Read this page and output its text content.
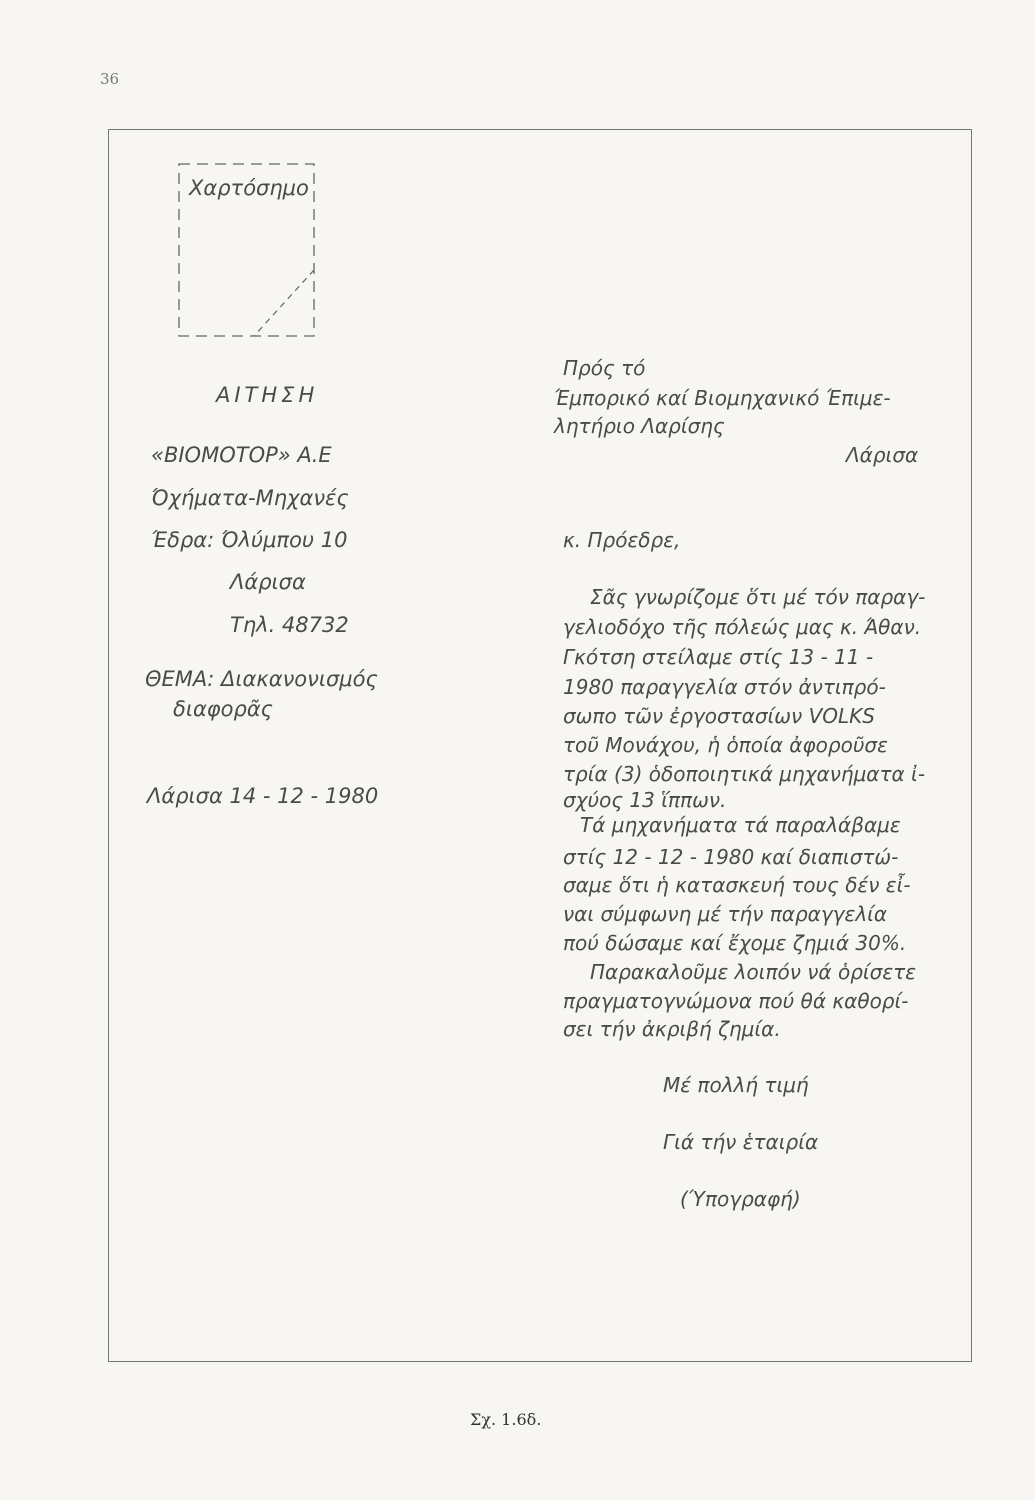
36
Χαρτόσημο
ΑΙΤΗΣΗ
«ΒΙΟΜΟΤΟΡ» Α.Ε
Όχήματα-Μηχανές
Έδρα: Όλύμπου 10
Λάρισα
Τηλ. 48732
ΘΕΜΑ: Διακανονισμός
διαφορᾶς
Λάρισα 14 - 12 - 1980
Πρός τό
Έμπορικό καί Βιομηχανικό Έπιμε-
λητήριο Λαρίσης
Λάρισα
κ. Πρόεδρε,
Σᾶς γνωρίζομε ὅτι μέ τόν παραγ-
γελιοδόχο τῆς πόλεώς μας κ. Άθαν.
Γκότση στείλαμε στίς 13 - 11 -
1980 παραγγελία στόν ἀντιπρό-
σωπο τῶν ἐργοστασίων VOLKS
τοῦ Μονάχου, ἡ ὁποία ἀφοροῦσε
τρία (3) ὁδοποιητικά μηχανήματα ἰ-
σχύος 13 ἵππων.
Τά μηχανήματα τά παραλάβαμε
στίς 12 - 12 - 1980 καί διαπιστώ-
σαμε ὅτι ἡ κατασκευή τους δέν εἶ-
ναι σύμφωνη μέ τήν παραγγελία
πού δώσαμε καί ἔχομε ζημιά 30%.
Παρακαλοῦμε λοιπόν νά ὁρίσετε
πραγματογνώμονα πού θά καθορί-
σει τήν ἀκριβή ζημία.
Μέ πολλή τιμή
Γιά τήν ἑταιρία
(Ύπογραφή)
Σχ. 1.6δ.
